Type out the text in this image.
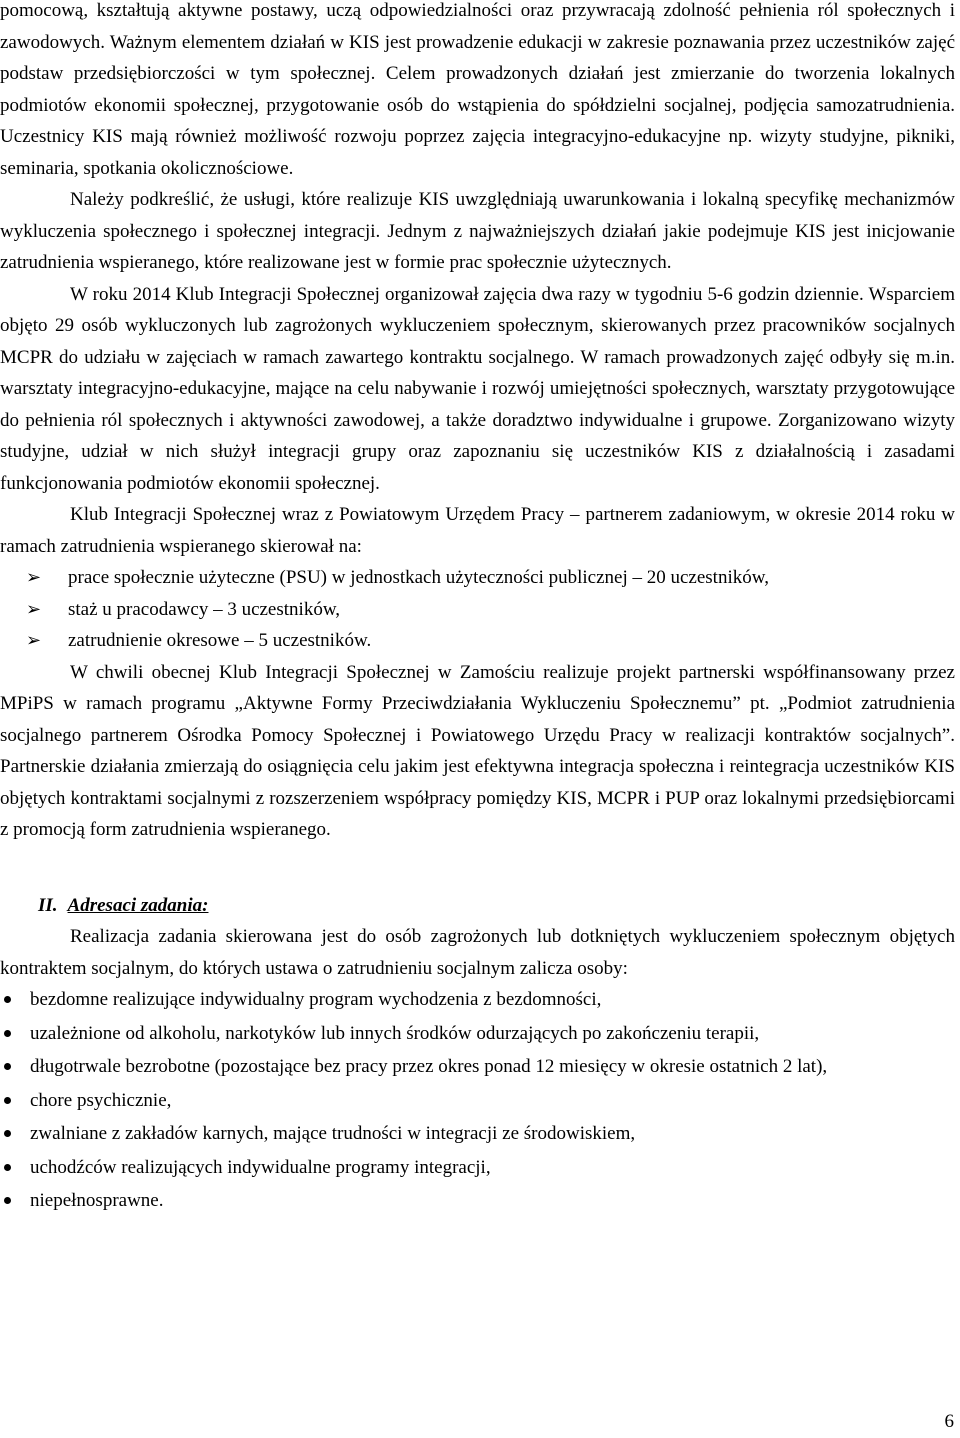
pomocową, kształtują aktywne postawy, uczą odpowiedzialności oraz przywracają zdolność pełnienia ról społecznych i zawodowych. Ważnym elementem działań w KIS jest prowadzenie edukacji w zakresie poznawania przez uczestników zajęć podstaw przedsiębiorczości w tym społecznej. Celem prowadzonych działań jest zmierzanie do tworzenia lokalnych podmiotów ekonomii społecznej, przygotowanie osób do wstąpienia do spółdzielni socjalnej, podjęcia samozatrudnienia. Uczestnicy KIS mają również możliwość rozwoju poprzez zajęcia integracyjno-edukacyjne np. wizyty studyjne, pikniki, seminaria, spotkania okolicznościowe.

Należy podkreślić, że usługi, które realizuje KIS uwzględniają uwarunkowania i lokalną specyfikę mechanizmów wykluczenia społecznego i społecznej integracji. Jednym z najważniejszych działań jakie podejmuje KIS jest inicjowanie zatrudnienia wspieranego, które realizowane jest w formie prac społecznie użytecznych.

W roku 2014 Klub Integracji Społecznej organizował zajęcia dwa razy w tygodniu 5-6 godzin dziennie. Wsparciem objęto 29 osób wykluczonych lub zagrożonych wykluczeniem społecznym, skierowanych przez pracowników socjalnych MCPR do udziału w zajęciach w ramach zawartego kontraktu socjalnego. W ramach prowadzonych zajęć odbyły się m.in. warsztaty integracyjno-edukacyjne, mające na celu nabywanie i rozwój umiejętności społecznych, warsztaty przygotowujące do pełnienia ról społecznych i aktywności zawodowej, a także doradztwo indywidualne i grupowe. Zorganizowano wizyty studyjne, udział w nich służył integracji grupy oraz zapoznaniu się uczestników KIS z działalnością i zasadami funkcjonowania podmiotów ekonomii społecznej.

Klub Integracji Społecznej wraz z Powiatowym Urzędem Pracy – partnerem zadaniowym, w okresie 2014 roku w ramach zatrudnienia wspieranego skierował na:

➢ prace społecznie użyteczne (PSU) w jednostkach użyteczności publicznej – 20 uczestników,
➢ staż u pracodawcy – 3 uczestników,
➢ zatrudnienie okresowe – 5 uczestników.

W chwili obecnej Klub Integracji Społecznej w Zamościu realizuje projekt partnerski współfinansowany przez MPiPS w ramach programu „Aktywne Formy Przeciwdziałania Wykluczeniu Społecznemu” pt. „Podmiot zatrudnienia socjalnego partnerem Ośrodka Pomocy Społecznej i Powiatowego Urzędu Pracy w realizacji kontraktów socjalnych”. Partnerskie działania zmierzają do osiągnięcia celu jakim jest efektywna integracja społeczna i reintegracja uczestników KIS objętych kontraktami socjalnymi z rozszerzeniem współpracy pomiędzy KIS, MCPR i PUP oraz lokalnymi przedsiębiorcami z promocją form zatrudnienia wspieranego.

II. Adresaci zadania:

Realizacja zadania skierowana jest do osób zagrożonych lub dotkniętych wykluczeniem społecznym objętych kontraktem socjalnym, do których ustawa o zatrudnieniu socjalnym zalicza osoby:

bezdomne realizujące indywidualny program wychodzenia z bezdomności,
uzależnione od alkoholu, narkotyków lub innych środków odurzających po zakończeniu terapii,
długotrwale bezrobotne (pozostające bez pracy przez okres ponad 12 miesięcy w okresie ostatnich 2 lat),
chore psychicznie,
zwalniane z zakładów karnych, mające trudności w integracji ze środowiskiem,
uchodźców realizujących indywidualne programy integracji,
niepełnosprawne.
6
